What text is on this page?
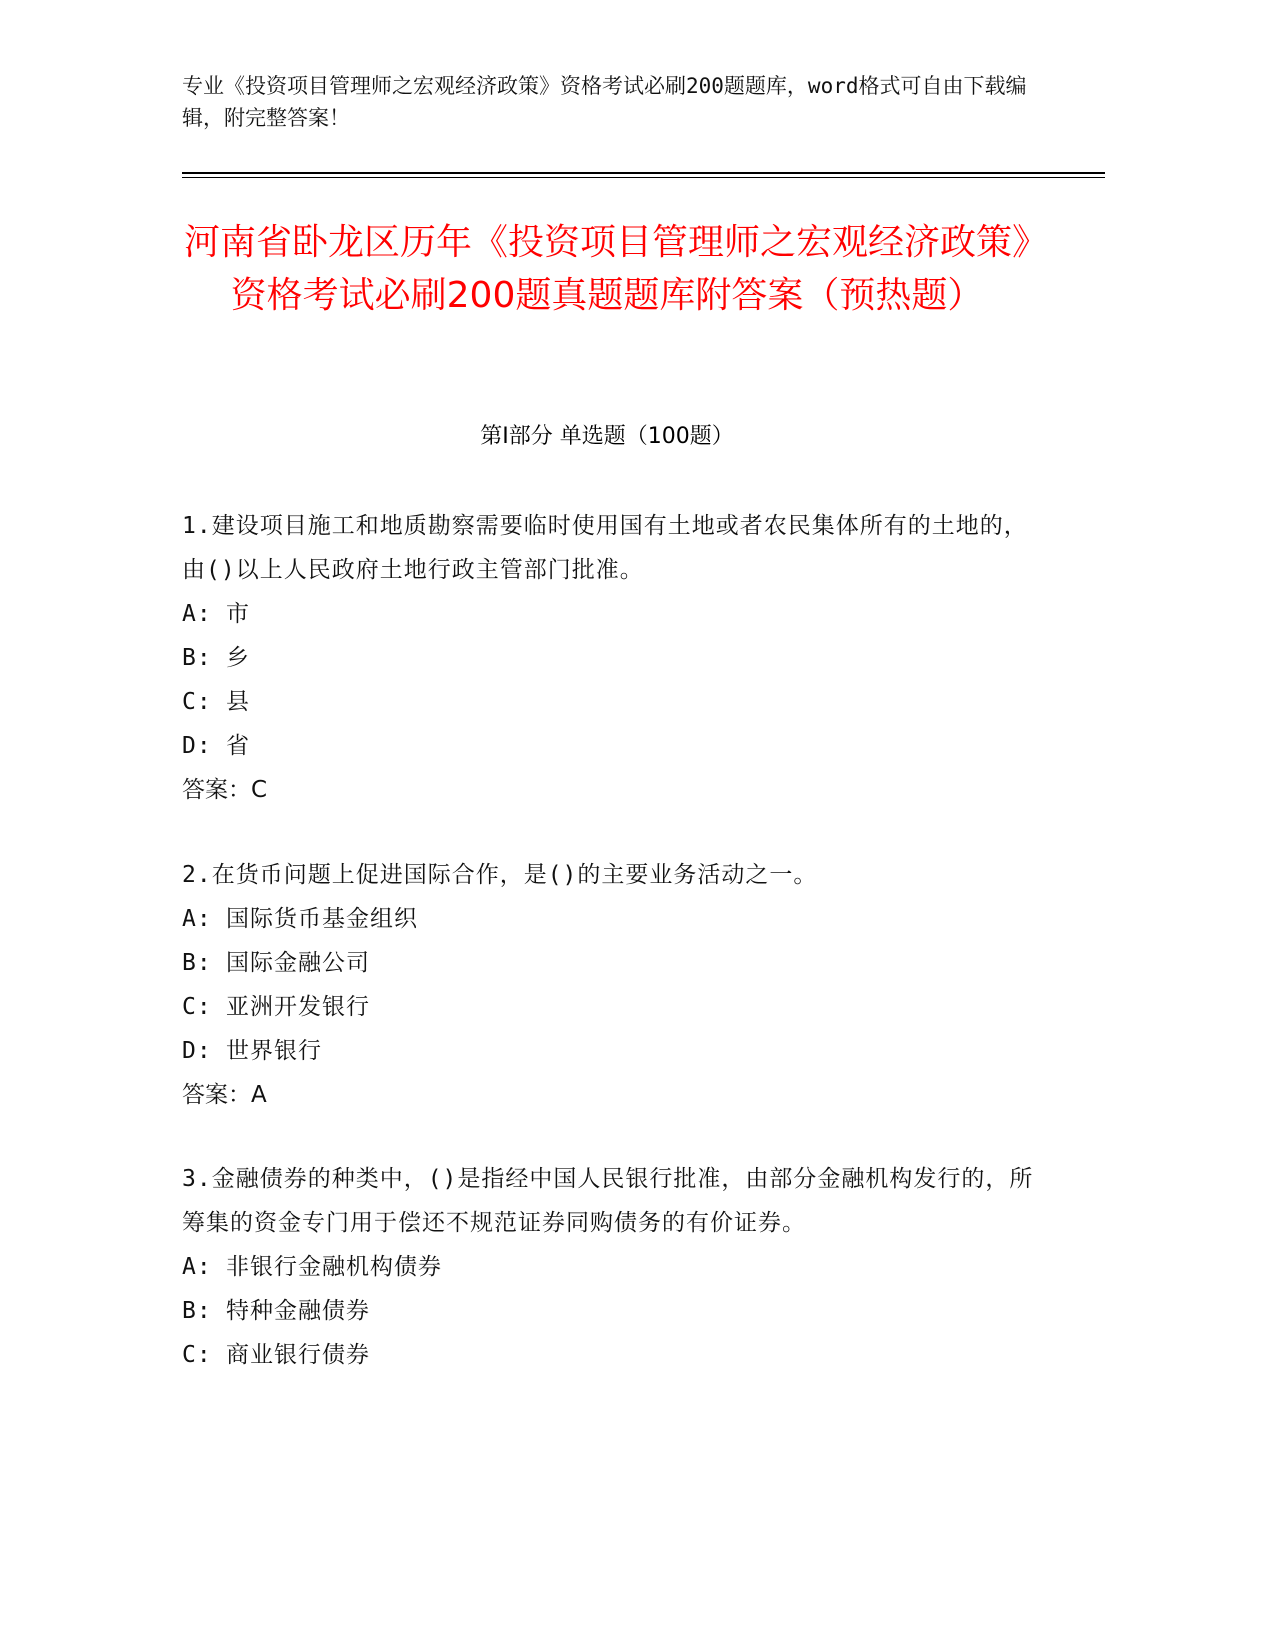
专业《投资项目管理师之宏观经济政策》资格考试必刷200题题库，word格式可自由下载编辑，附完整答案！
河南省卧龙区历年《投资项目管理师之宏观经济政策》资格考试必刷200题真题题库附答案（预热题）
第Ⅰ部分 单选题（100题）

1.建设项目施工和地质勘察需要临时使用国有土地或者农民集体所有的土地的，由()以上人民政府土地行政主管部门批准。

A: 市

B: 乡

C: 县

D: 省

答案：C

2.在货币问题上促进国际合作，是()的主要业务活动之一。

A: 国际货币基金组织

B: 国际金融公司

C: 亚洲开发银行

D: 世界银行

答案：A

3.金融债券的种类中，()是指经中国人民银行批准，由部分金融机构发行的，所筹集的资金专门用于偿还不规范证券同购债务的有价证券。

A: 非银行金融机构债券

B: 特种金融债券

C: 商业银行债券
